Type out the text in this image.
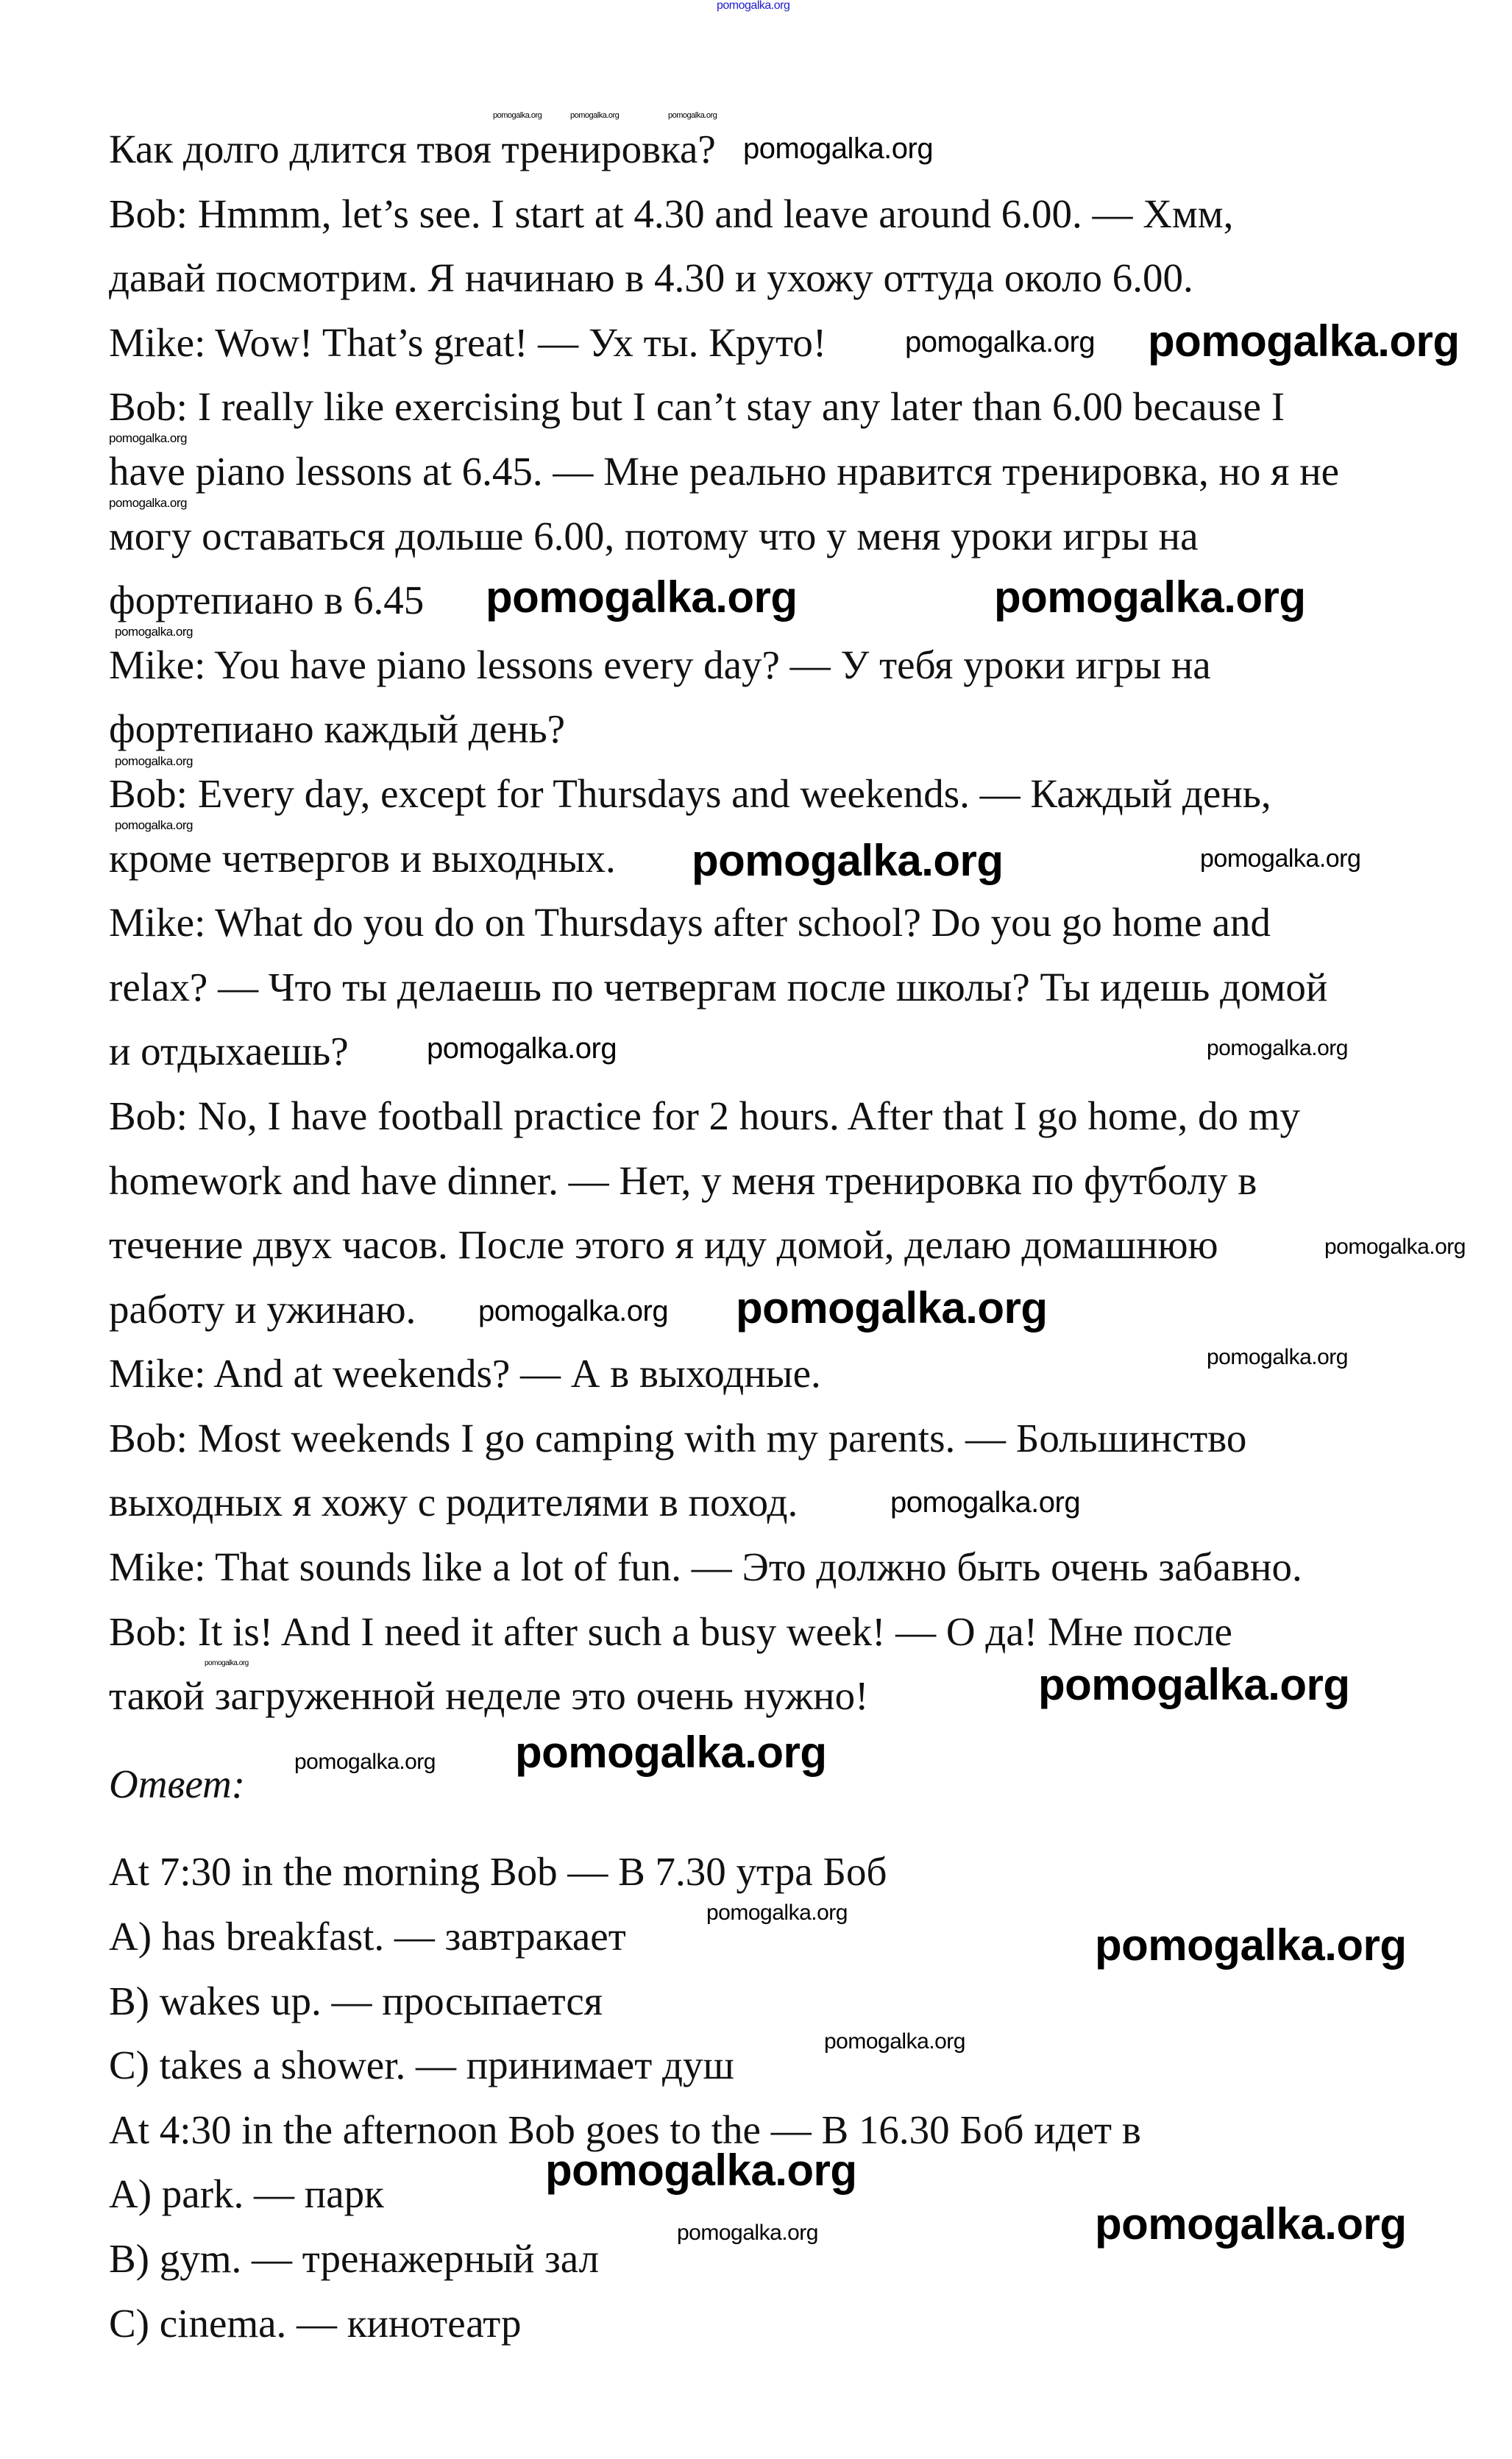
Как долго длится твоя тренировка?
Bob: Hmmm, let’s see. I start at 4.30 and leave around 6.00. — Хмм,
давай посмотрим. Я начинаю в 4.30 и ухожу оттуда около 6.00.
Mike: Wow! That’s great! — Ух ты. Круто!
Bob: I really like exercising but I can’t stay any later than 6.00 because I
have piano lessons at 6.45. — Мне реально нравится тренировка, но я не
могу оставаться дольше 6.00, потому что у меня уроки игры на
фортепиано в 6.45
Mike: You have piano lessons every day? — У тебя уроки игры на
фортепиано каждый день?
Bob: Every day, except for Thursdays and weekends. — Каждый день,
кроме четвергов и выходных.
Mike: What do you do on Thursdays after school? Do you go home and
relax? — Что ты делаешь по четвергам после школы? Ты идешь домой
и отдыхаешь?
Bob: No, I have football practice for 2 hours. After that I go home, do my
homework and have dinner. — Нет, у меня тренировка по футболу в
течение двух часов. После этого я иду домой, делаю домашнюю
работу и ужинаю.
Mike: And at weekends? — А в выходные.
Bob: Most weekends I go camping with my parents. — Большинство
выходных я хожу с родителями в поход.
Mike: That sounds like a lot of fun. — Это должно быть очень забавно.
Bob: It is! And I need it after such a busy week! — О да! Мне после
такой загруженной неделе это очень нужно!
Ответ:
At 7:30 in the morning Bob — В 7.30 утра Боб
A) has breakfast. — завтракает
B) wakes up. — просыпается
C) takes a shower. — принимает душ
At 4:30 in the afternoon Bob goes to the — В 16.30 Боб идет в
A) park. — парк
B) gym. — тренажерный зал
C) cinema. — кинотеатр
pomogalka.org
pomogalka.org	pomogalka.org	pomogalka.org
pomogalka.org
pomogalka.org
pomogalka.org
pomogalka.org
pomogalka.org
pomogalka.org
pomogalka.org	pomogalka.org
pomogalka.org
pomogalka.org
pomogalka.org
pomogalka.org
pomogalka.org
pomogalka.org
pomogalka.org
pomogalka.org
pomogalka.org
pomogalka.org
pomogalka.org
pomogalka.org
pomogalka.org
pomogalka.org
pomogalka.org
pomogalka.org
pomogalka.org
pomogalka.org
pomogalka.org
pomogalka.org
pomogalka.org
